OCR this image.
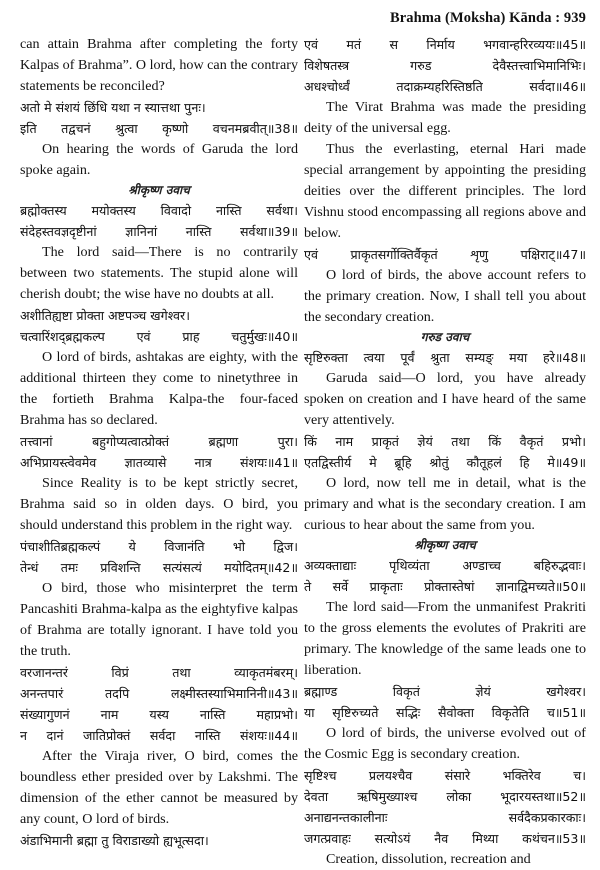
Brahma (Moksha) Kānda : 939

can attain Brahma after completing the forty Kalpas of Brahma”. O lord, how can the contrary statements be reconciled?

अतो मे संशयं छिंधि यथा न स्यात्तथा पुनः।
इति तद्वचनं श्रुत्वा कृष्णो वचनमब्रवीत्‌॥38॥

On hearing the words of Garuda the lord spoke again.

श्रीकृष्ण उवाच
ब्रह्मोक्तस्य मयोक्तस्य विवादो नास्ति सर्वथा।
संदेहस्तवज्ञदृष्टीनां ज्ञानिनां नास्ति सर्वथा॥39॥

The lord said—There is no contrarily between two statements. The stupid alone will cherish doubt; the wise have no doubts at all.

अशीतिह्यष्टा प्रोक्ता अष्टपञ्च खगेश्वर।
चत्वारिंशद्ब्रह्मकल्प एवं प्राह चतुर्मुखः॥40॥

O lord of birds, ashtakas are eighty, with the additional thirteen they come to ninetythree in the fortieth Brahma Kalpa-the four-faced Brahma has so declared.

तत्त्वानां बहुगोप्यत्वात्प्रोक्तं ब्रह्मणा पुरा।
अभिप्रायस्त्वेवमेव ज्ञातव्यासे नात्र संशयः॥41॥

Since Reality is to be kept strictly secret, Brahma said so in olden days. O bird, you should understand this problem in the right way.

पंचाशीतिब्रह्मकल्पं ये विजानंति भो द्विज।
तेन्धं तमः प्रविशन्ति सत्यंसत्यं मयोदितम्‌॥42॥

O bird, those who misinterpret the term Pancashiti Brahma-kalpa as the eightyfive kalpas of Brahma are totally ignorant. I have told you the truth.

वरजानन्तरं विप्रं तथा व्याकृतमंबरम्‌।
अनन्तपारं तदपि लक्ष्मीस्तस्याभिमानिनी॥43॥
संख्यागुणनं नाम यस्य नास्ति महाप्रभो।
न दानं जातिप्रोक्तं सर्वदा नास्ति संशयः॥44॥

After the Viraja river, O bird, comes the boundless ether presided over by Lakshmi. The dimension of the ether cannot be measured by any count, O lord of birds.

अंडाभिमानी ब्रह्मा तु विराडाख्यो ह्यभूत्सदा।
एवं मतं स निर्माय भगवान्हरिरव्ययः॥45॥
विशेषतस्त्र गरुड देवैस्तत्त्वाभिमानिभिः।
अधश्चोर्ध्वं तदाक्रम्यहरिस्तिष्ठति सर्वदा॥46॥

The Virat Brahma was made the presiding deity of the universal egg.

Thus the everlasting, eternal Hari made special arrangement by appointing the presiding deities over the different principles. The lord Vishnu stood encompassing all regions above and below.

एवं प्राकृतसर्गोक्तिर्वैकृतं शृणु पक्षिराट्‌॥47॥

O lord of birds, the above account refers to the primary creation. Now, I shall tell you about the secondary creation.

गरुड उवाच
सृष्टिरुक्ता त्वया पूर्वं श्रुता सम्यङ्‌ मया हरे॥48॥

Garuda said—O lord, you have already spoken on creation and I have heard of the same very attentively.

किं नाम प्राकृतं ज्ञेयं तथा किं वैकृतं प्रभो।
एतद्विस्तीर्य मे ब्रूहि श्रोतुं कौतूहलं हि मे॥49॥

O lord, now tell me in detail, what is the primary and what is the secondary creation. I am curious to hear about the same from you.

श्रीकृष्ण उवाच
अव्यक्ताद्याः पृथिव्यंता अण्डाच्च बहिरुद्भवाः।
ते सर्वे प्राकृताः प्रोक्तास्तेषां ज्ञानाद्विमच्यते॥50॥

The lord said—From the unmanifest Prakriti to the gross elements the evolutes of Prakriti are primary. The knowledge of the same leads one to liberation.

ब्रह्माण्ड विकृतं ज्ञेयं खगेश्वर।
या सृष्टिरुच्यते सद्भिः सैवोक्ता विकृतेति च॥51॥

O lord of birds, the universe evolved out of the Cosmic Egg is secondary creation.

सृष्टिश्च प्रलयश्चैव संसारे भक्तिरेव च।
देवता ऋषिमुख्याश्च लोका भूदारयस्तथा॥52॥
अनाद्यनन्तकालीनाः सर्वदैकप्रकारकाः।
जगत्प्रवाहः सत्योऽयं नैव मिथ्या कथंचन॥53॥

Creation, dissolution, recreation and
